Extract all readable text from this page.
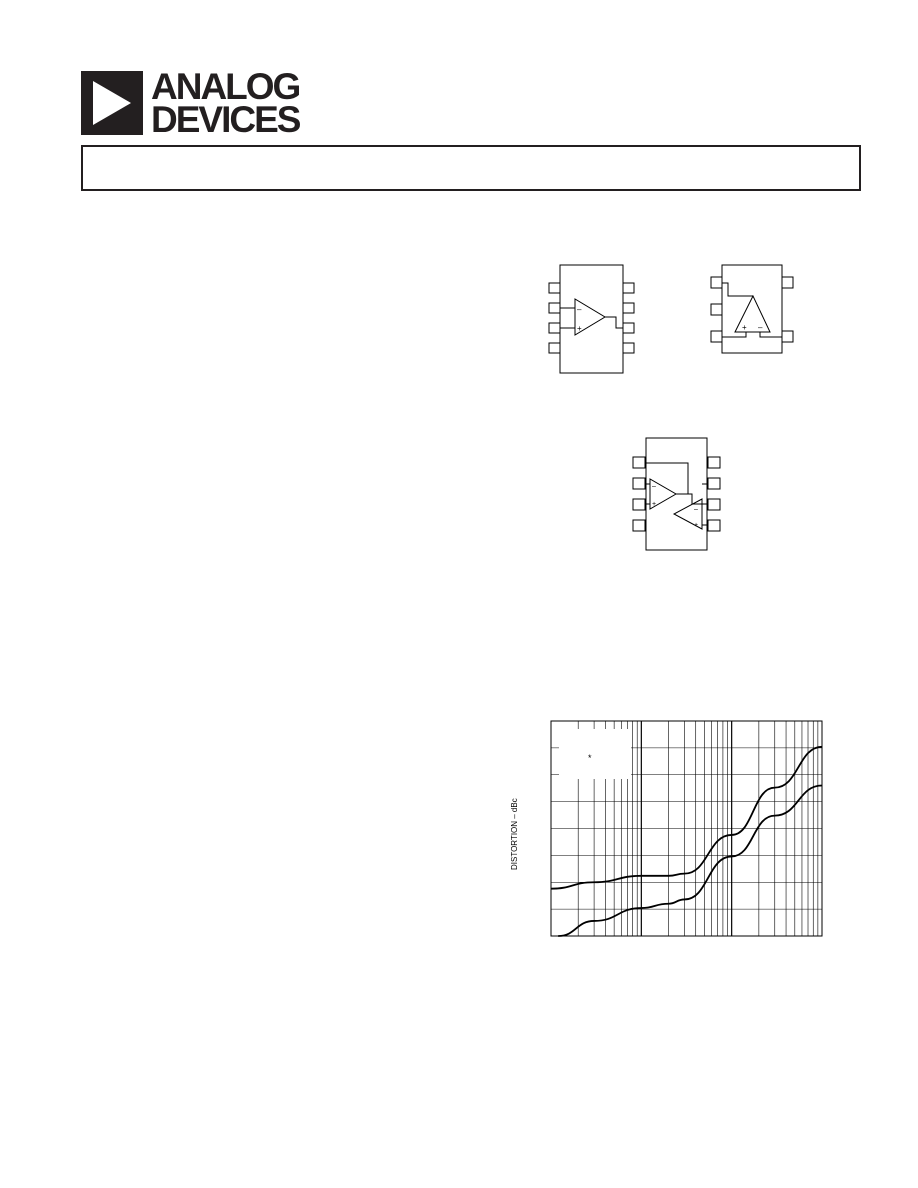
ANALOG
DEVICES
–
+	+ –
–
+
–
+
DISTORTION – dBc
*
